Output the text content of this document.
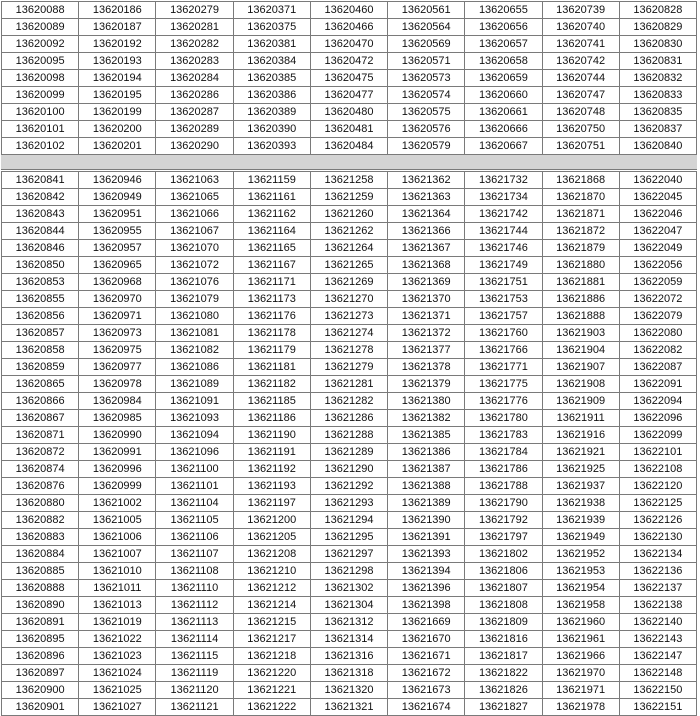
13620088	13620186	13620279	13620371	13620460	13620561	13620655	13620739	13620828
13620089	13620187	13620281	13620375	13620466	13620564	13620656	13620740	13620829
13620092	13620192	13620282	13620381	13620470	13620569	13620657	13620741	13620830
13620095	13620193	13620283	13620384	13620472	13620571	13620658	13620742	13620831
13620098	13620194	13620284	13620385	13620475	13620573	13620659	13620744	13620832
13620099	13620195	13620286	13620386	13620477	13620574	13620660	13620747	13620833
13620100	13620199	13620287	13620389	13620480	13620575	13620661	13620748	13620835
13620101	13620200	13620289	13620390	13620481	13620576	13620666	13620750	13620837
13620102	13620201	13620290	13620393	13620484	13620579	13620667	13620751	13620840
13620841	13620946	13621063	13621159	13621258	13621362	13621732	13621868	13622040
13620842	13620949	13621065	13621161	13621259	13621363	13621734	13621870	13622045
13620843	13620951	13621066	13621162	13621260	13621364	13621742	13621871	13622046
13620844	13620955	13621067	13621164	13621262	13621366	13621744	13621872	13622047
13620846	13620957	13621070	13621165	13621264	13621367	13621746	13621879	13622049
13620850	13620965	13621072	13621167	13621265	13621368	13621749	13621880	13622056
13620853	13620968	13621076	13621171	13621269	13621369	13621751	13621881	13622059
13620855	13620970	13621079	13621173	13621270	13621370	13621753	13621886	13622072
13620856	13620971	13621080	13621176	13621273	13621371	13621757	13621888	13622079
13620857	13620973	13621081	13621178	13621274	13621372	13621760	13621903	13622080
13620858	13620975	13621082	13621179	13621278	13621377	13621766	13621904	13622082
13620859	13620977	13621086	13621181	13621279	13621378	13621771	13621907	13622087
13620865	13620978	13621089	13621182	13621281	13621379	13621775	13621908	13622091
13620866	13620984	13621091	13621185	13621282	13621380	13621776	13621909	13622094
13620867	13620985	13621093	13621186	13621286	13621382	13621780	13621911	13622096
13620871	13620990	13621094	13621190	13621288	13621385	13621783	13621916	13622099
13620872	13620991	13621096	13621191	13621289	13621386	13621784	13621921	13622101
13620874	13620996	13621100	13621192	13621290	13621387	13621786	13621925	13622108
13620876	13620999	13621101	13621193	13621292	13621388	13621788	13621937	13622120
13620880	13621002	13621104	13621197	13621293	13621389	13621790	13621938	13622125
13620882	13621005	13621105	13621200	13621294	13621390	13621792	13621939	13622126
13620883	13621006	13621106	13621205	13621295	13621391	13621797	13621949	13622130
13620884	13621007	13621107	13621208	13621297	13621393	13621802	13621952	13622134
13620885	13621010	13621108	13621210	13621298	13621394	13621806	13621953	13622136
13620888	13621011	13621110	13621212	13621302	13621396	13621807	13621954	13622137
13620890	13621013	13621112	13621214	13621304	13621398	13621808	13621958	13622138
13620891	13621019	13621113	13621215	13621312	13621669	13621809	13621960	13622140
13620895	13621022	13621114	13621217	13621314	13621670	13621816	13621961	13622143
13620896	13621023	13621115	13621218	13621316	13621671	13621817	13621966	13622147
13620897	13621024	13621119	13621220	13621318	13621672	13621822	13621970	13622148
13620900	13621025	13621120	13621221	13621320	13621673	13621826	13621971	13622150
13620901	13621027	13621121	13621222	13621321	13621674	13621827	13621978	13622151
